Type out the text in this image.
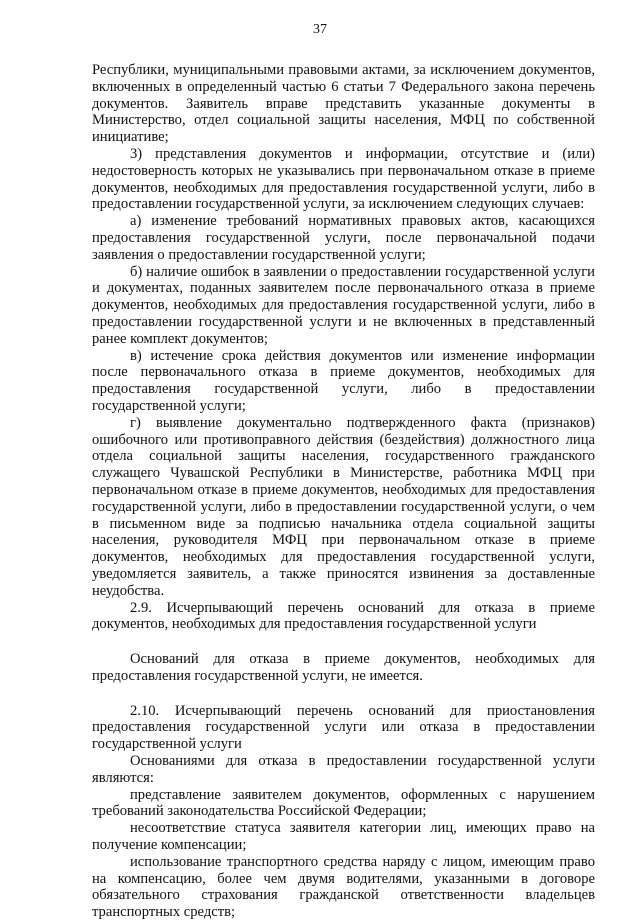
37

Республики, муниципальными правовыми актами, за исключением документов, включенных в определенный частью 6 статьи 7 Федерального закона перечень документов. Заявитель вправе представить указанные документы в Министерство, отдел социальной защиты населения, МФЦ по собственной инициативе;

3) представления документов и информации, отсутствие и (или) недостоверность которых не указывались при первоначальном отказе в приеме документов, необходимых для предоставления государственной услуги, либо в предоставлении государственной услуги, за исключением следующих случаев:

а) изменение требований нормативных правовых актов, касающихся предоставления государственной услуги, после первоначальной подачи заявления о предоставлении государственной услуги;

б) наличие ошибок в заявлении о предоставлении государственной услуги и документах, поданных заявителем после первоначального отказа в приеме документов, необходимых для предоставления государственной услуги, либо в предоставлении государственной услуги и не включенных в представленный ранее комплект документов;

в) истечение срока действия документов или изменение информации после первоначального отказа в приеме документов, необходимых для предоставления государственной услуги, либо в предоставлении государственной услуги;

г) выявление документально подтвержденного факта (признаков) ошибочного или противоправного действия (бездействия) должностного лица отдела социальной защиты населения, государственного гражданского служащего Чувашской Республики в Министерстве, работника МФЦ при первоначальном отказе в приеме документов, необходимых для предоставления государственной услуги, либо в предоставлении государственной услуги, о чем в письменном виде за подписью начальника отдела социальной защиты населения, руководителя МФЦ при первоначальном отказе в приеме документов, необходимых для предоставления государственной услуги, уведомляется заявитель, а также приносятся извинения за доставленные неудобства.

2.9. Исчерпывающий перечень оснований для отказа в приеме документов, необходимых для предоставления государственной услуги

Оснований для отказа в приеме документов, необходимых для предоставления государственной услуги, не имеется.

2.10. Исчерпывающий перечень оснований для приостановления предоставления государственной услуги или отказа в предоставлении государственной услуги

Основаниями для отказа в предоставлении государственной услуги являются:

представление заявителем документов, оформленных с нарушением требований законодательства Российской Федерации;

несоответствие статуса заявителя категории лиц, имеющих право на получение компенсации;

использование транспортного средства наряду с лицом, имеющим право на компенсацию, более чем двумя водителями, указанными в договоре обязательного страхования гражданской ответственности владельцев транспортных средств;
